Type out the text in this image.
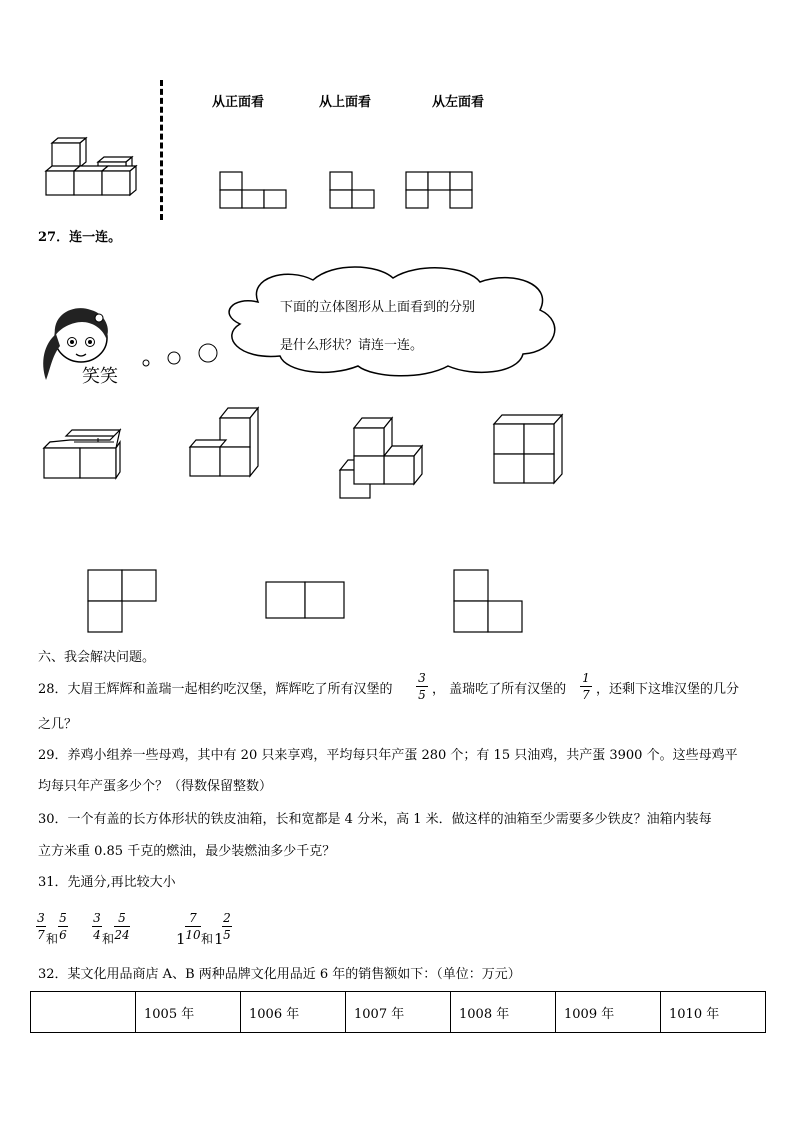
从正面看	从上面看	从左面看
27．连一连。
笑笑
下面的立体图形从上面看到的分别
是什么形状？请连一连。
六、我会解决问题。
28．大眉王辉辉和盖瑞一起相约吃汉堡，辉辉吃了所有汉堡的
3
5 ， 盖瑞吃了所有汉堡的
1
7 ，还剩下这堆汉堡的几分
之几？
29．养鸡小组养一些母鸡，其中有 20 只来享鸡，平均每只年产蛋 280 个；有 15 只油鸡，共产蛋 3900 个。这些母鸡平
均每只年产蛋多少个？（得数保留整数）
30．一个有盖的长方体形状的铁皮油箱，长和宽都是 4 分米，高 1 米．做这样的油箱至少需要多少铁皮？油箱内装每
立方米重 0.85 千克的燃油，最少装燃油多少千克？
31．先通分,再比较大小
3
7 和
5
6
3
4 和
5
24	1
7
10 和 1
2
5
32．某文化用品商店 A、B 两种品牌文化用品近 6 年的销售额如下：（单位：万元）
	1005 年	1006 年	1007 年	1008 年	1009 年	1010 年
